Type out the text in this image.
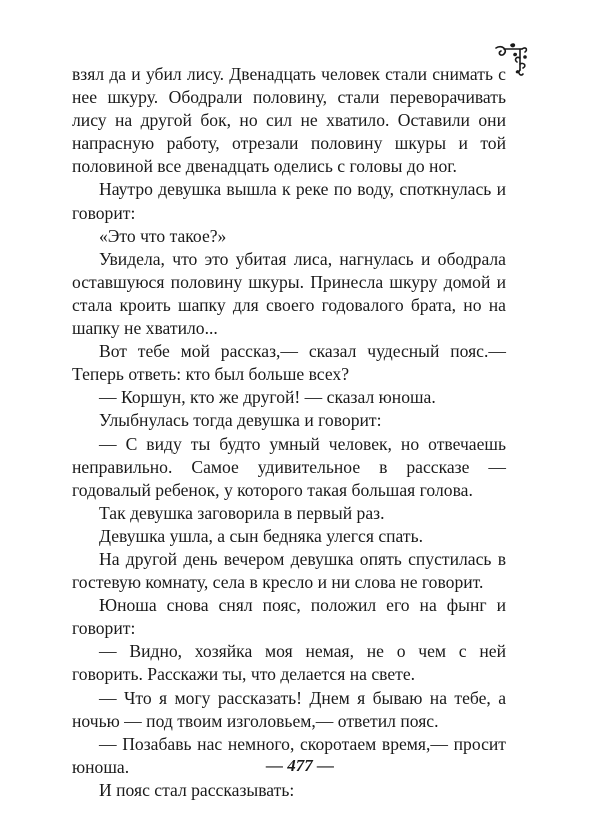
взял да и убил лису. Двенадцать человек стали снимать с нее шкуру. Ободрали половину, стали переворачивать лису на другой бок, но сил не хватило. Оставили они напрасную работу, отрезали половину шкуры и той половиной все двенадцать оделись с головы до ног.

Наутро девушка вышла к реке по воду, споткнулась и говорит:

«Это что такое?»

Увидела, что это убитая лиса, нагнулась и ободрала оставшуюся половину шкуры. Принесла шкуру домой и стала кроить шапку для своего годовалого брата, но на шапку не хватило...

Вот тебе мой рассказ,— сказал чудесный пояс.— Теперь ответь: кто был больше всех?

— Коршун, кто же другой! — сказал юноша.

Улыбнулась тогда девушка и говорит:

— С виду ты будто умный человек, но отвечаешь неправильно. Самое удивительное в рассказе — годовалый ребенок, у которого такая большая голова.

Так девушка заговорила в первый раз.

Девушка ушла, а сын бедняка улегся спать.

На другой день вечером девушка опять спустилась в гостевую комнату, села в кресло и ни слова не говорит.

Юноша снова снял пояс, положил его на фынг и говорит:

— Видно, хозяйка моя немая, не о чем с ней говорить. Расскажи ты, что делается на свете.

— Что я могу рассказать! Днем я бываю на тебе, а ночью — под твоим изголовьем,— ответил пояс.

— Позабавь нас немного, скоротаем время,— просит юноша.

И пояс стал рассказывать:

— 477 —
